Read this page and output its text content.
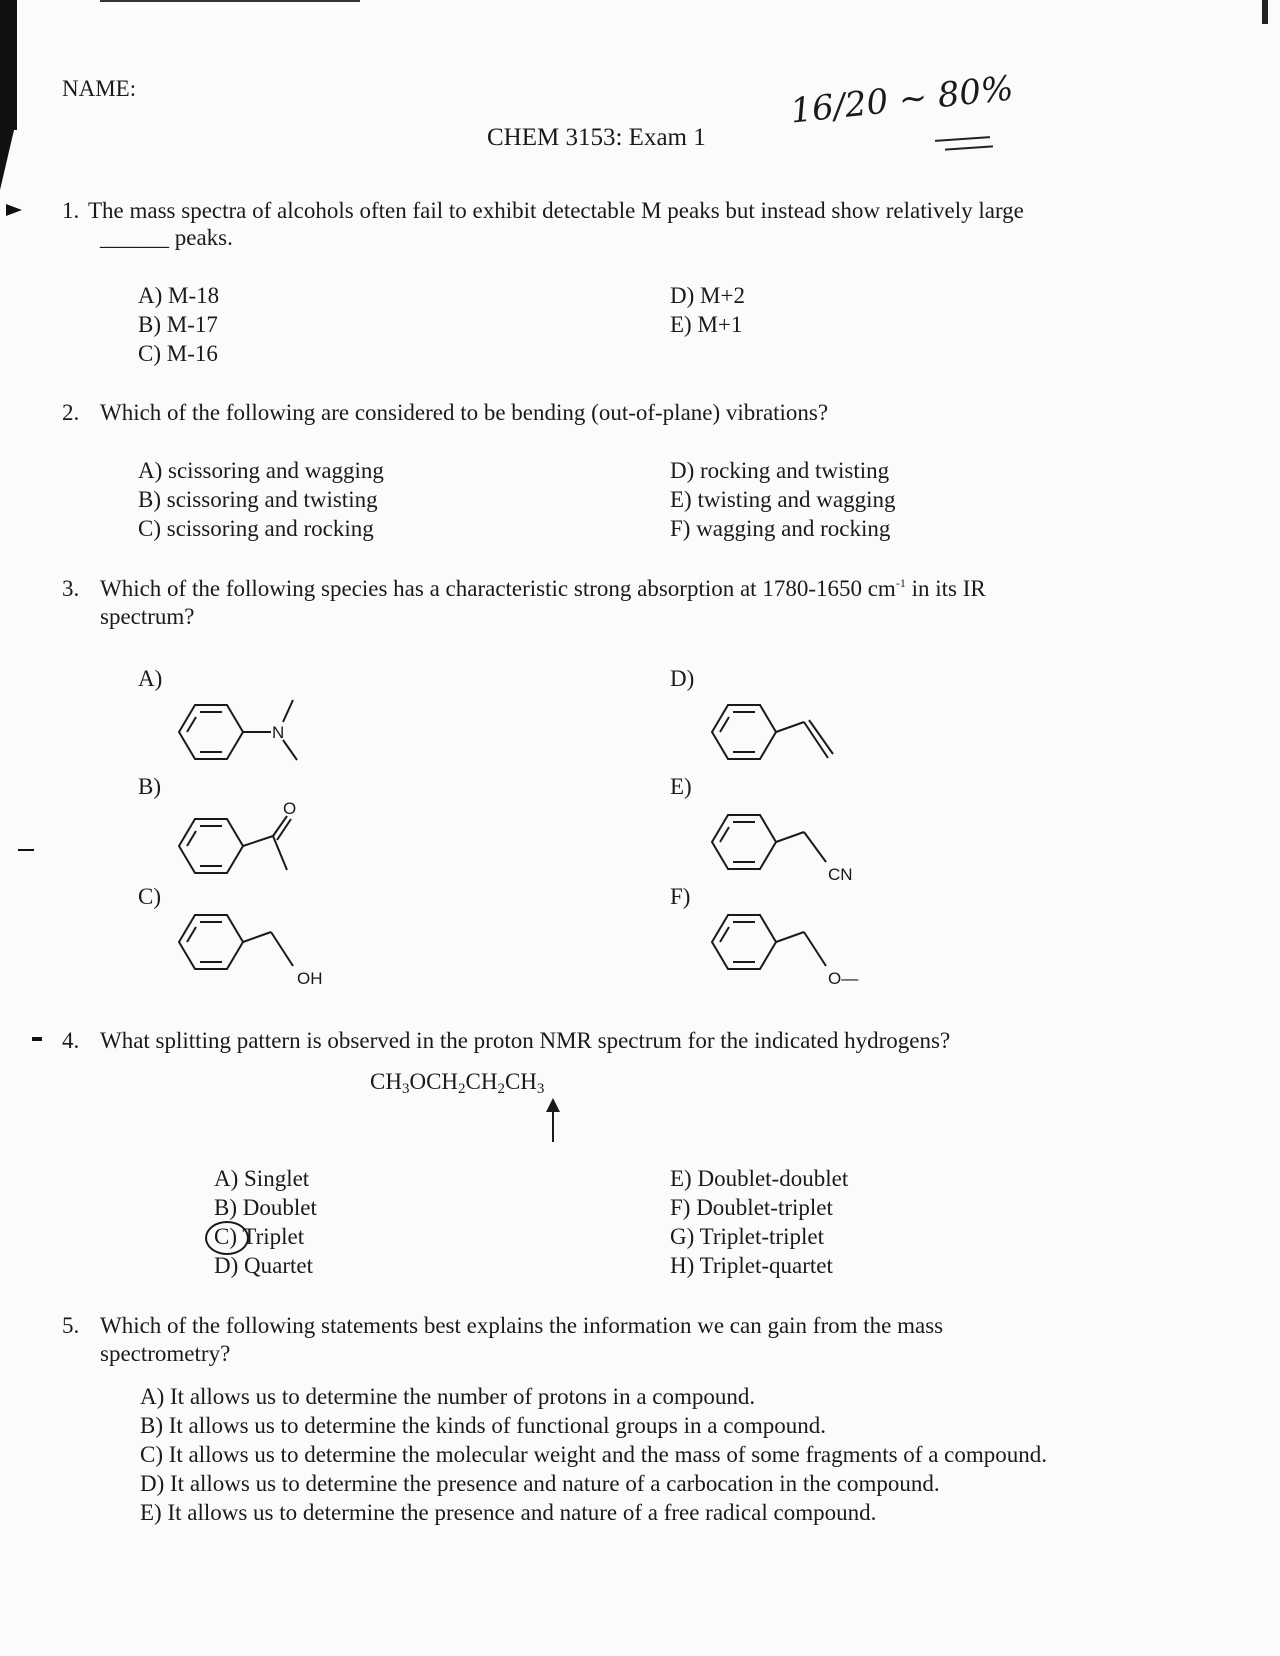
NAME:
CHEM 3153: Exam 1
16/20 ~ 80%
1. The mass spectra of alcohols often fail to exhibit detectable M peaks but instead show relatively large
______ peaks.
A) M-18
B) M-17
C) M-16
D) M+2
E) M+1
2. Which of the following are considered to be bending (out-of-plane) vibrations?
A) scissoring and wagging
B) scissoring and twisting
C) scissoring and rocking
D) rocking and twisting
E) twisting and wagging
F) wagging and rocking
3. Which of the following species has a characteristic strong absorption at 1780-1650 $cm^{-1}$ in its IR
spectrum?
A)
B)
C)
D)
E)
F)
N
O
OH
CN
O—
4. What splitting pattern is observed in the proton NMR spectrum for the indicated hydrogens?
$CH_3OCH_2CH_2CH_3$
A) Singlet
B) Doublet
C) Triplet
D) Quartet
E) Doublet-doublet
F) Doublet-triplet
G) Triplet-triplet
H) Triplet-quartet
5. Which of the following statements best explains the information we can gain from the mass
spectrometry?
A) It allows us to determine the number of protons in a compound.
B) It allows us to determine the kinds of functional groups in a compound.
C) It allows us to determine the molecular weight and the mass of some fragments of a compound.
D) It allows us to determine the presence and nature of a carbocation in the compound.
E) It allows us to determine the presence and nature of a free radical compound.
